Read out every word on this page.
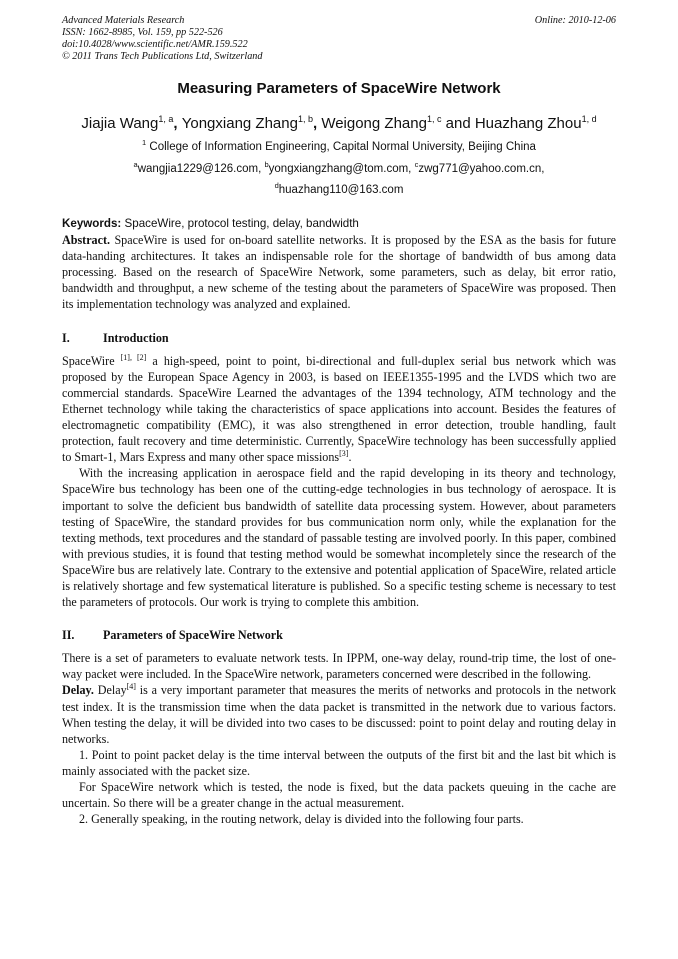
Advanced Materials Research
ISSN: 1662-8985, Vol. 159, pp 522-526
doi:10.4028/www.scientific.net/AMR.159.522
© 2011 Trans Tech Publications Ltd, Switzerland
Online: 2010-12-06
Measuring Parameters of SpaceWire Network
Jiajia Wang$^{1, a}$, Yongxiang Zhang$^{1, b}$, Weigong Zhang$^{1, c}$ and Huazhang Zhou$^{1, d}$
$^1$ College of Information Engineering, Capital Normal University, Beijing China
$^a$wangjia1229@126.com, $^b$yongxiangzhang@tom.com, $^c$zwg771@yahoo.com.cn,
$^d$huazhang110@163.com

Keywords: SpaceWire, protocol testing, delay, bandwidth

Abstract. SpaceWire is used for on-board satellite networks. It is proposed by the ESA as the basis for future data-handing architectures. It takes an indispensable role for the shortage of bandwidth of bus among data processing. Based on the research of SpaceWire Network, some parameters, such as delay, bit error ratio, bandwidth and throughput, a new scheme of the testing about the parameters of SpaceWire was proposed. Then its implementation technology was analyzed and explained.

I.	Introduction

SpaceWire [1], [2] a high-speed, point to point, bi-directional and full-duplex serial bus network which was proposed by the European Space Agency in 2003, is based on IEEE1355-1995 and the LVDS which two are commercial standards. SpaceWire Learned the advantages of the 1394 technology, ATM technology and the Ethernet technology while taking the characteristics of space applications into account. Besides the features of electromagnetic compatibility (EMC), it was also strengthened in error detection, trouble handling, fault protection, fault recovery and time deterministic. Currently, SpaceWire technology has been successfully applied to Smart-1, Mars Express and many other space missions[3].

With the increasing application in aerospace field and the rapid developing in its theory and technology, SpaceWire bus technology has been one of the cutting-edge technologies in bus technology of aerospace. It is important to solve the deficient bus bandwidth of satellite data processing system. However, about parameters testing of SpaceWire, the standard provides for bus communication norm only, while the explanation for the texting methods, text procedures and the standard of passable testing are involved poorly. In this paper, combined with previous studies, it is found that testing method would be somewhat incompletely since the research of the SpaceWire bus are relatively late. Contrary to the extensive and potential application of SpaceWire, related article is relatively shortage and few systematical literature is published. So a specific testing scheme is necessary to test the parameters of protocols. Our work is trying to complete this ambition.

II. Parameters of SpaceWire Network

There is a set of parameters to evaluate network tests. In IPPM, one-way delay, round-trip time, the lost of one-way packet were included. In the SpaceWire network, parameters concerned were described in the following.

Delay. Delay[4] is a very important parameter that measures the merits of networks and protocols in the network test index. It is the transmission time when the data packet is transmitted in the network due to various factors. When testing the delay, it will be divided into two cases to be discussed: point to point delay and routing delay in networks.

1. Point to point packet delay is the time interval between the outputs of the first bit and the last bit which is mainly associated with the packet size.

For SpaceWire network which is tested, the node is fixed, but the data packets queuing in the cache are uncertain. So there will be a greater change in the actual measurement.

2. Generally speaking, in the routing network, delay is divided into the following four parts.
